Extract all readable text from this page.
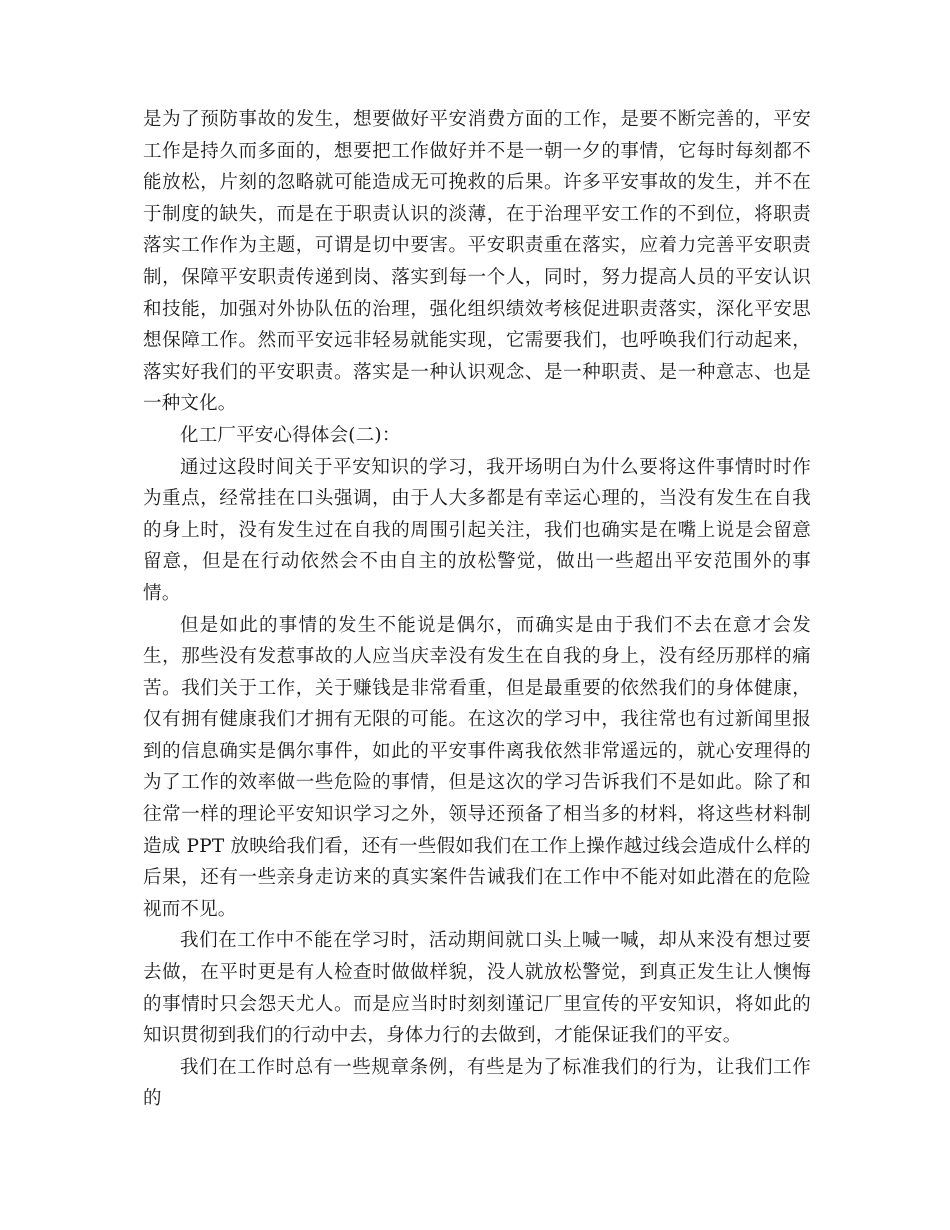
是为了预防事故的发生，想要做好平安消费方面的工作，是要不断完善的，平安工作是持久而多面的，想要把工作做好并不是一朝一夕的事情，它每时每刻都不能放松，片刻的忽略就可能造成无可挽救的后果。许多平安事故的发生，并不在于制度的缺失，而是在于职责认识的淡薄，在于治理平安工作的不到位，将职责落实工作作为主题，可谓是切中要害。平安职责重在落实，应着力完善平安职责制，保障平安职责传递到岗、落实到每一个人，同时，努力提高人员的平安认识和技能，加强对外协队伍的治理，强化组织绩效考核促进职责落实，深化平安思想保障工作。然而平安远非轻易就能实现，它需要我们，也呼唤我们行动起来，落实好我们的平安职责。落实是一种认识观念、是一种职责、是一种意志、也是一种文化。

化工厂平安心得体会(二)：

通过这段时间关于平安知识的学习，我开场明白为什么要将这件事情时时作为重点，经常挂在口头强调，由于人大多都是有幸运心理的，当没有发生在自我的身上时，没有发生过在自我的周围引起关注，我们也确实是在嘴上说是会留意留意，但是在行动依然会不由自主的放松警觉，做出一些超出平安范围外的事情。

但是如此的事情的发生不能说是偶尔，而确实是由于我们不去在意才会发生，那些没有发惹事故的人应当庆幸没有发生在自我的身上，没有经历那样的痛苦。我们关于工作，关于赚钱是非常看重，但是最重要的依然我们的身体健康，仅有拥有健康我们才拥有无限的可能。在这次的学习中，我往常也有过新闻里报到的信息确实是偶尔事件，如此的平安事件离我依然非常遥远的，就心安理得的为了工作的效率做一些危险的事情，但是这次的学习告诉我们不是如此。除了和往常一样的理论平安知识学习之外，领导还预备了相当多的材料，将这些材料制造成 PPT 放映给我们看，还有一些假如我们在工作上操作越过线会造成什么样的后果，还有一些亲身走访来的真实案件告诫我们在工作中不能对如此潜在的危险视而不见。

我们在工作中不能在学习时，活动期间就口头上喊一喊，却从来没有想过要去做，在平时更是有人检查时做做样貌，没人就放松警觉，到真正发生让人懊悔的事情时只会怨天尤人。而是应当时时刻刻谨记厂里宣传的平安知识，将如此的知识贯彻到我们的行动中去，身体力行的去做到，才能保证我们的平安。

我们在工作时总有一些规章条例，有些是为了标准我们的行为，让我们工作的
